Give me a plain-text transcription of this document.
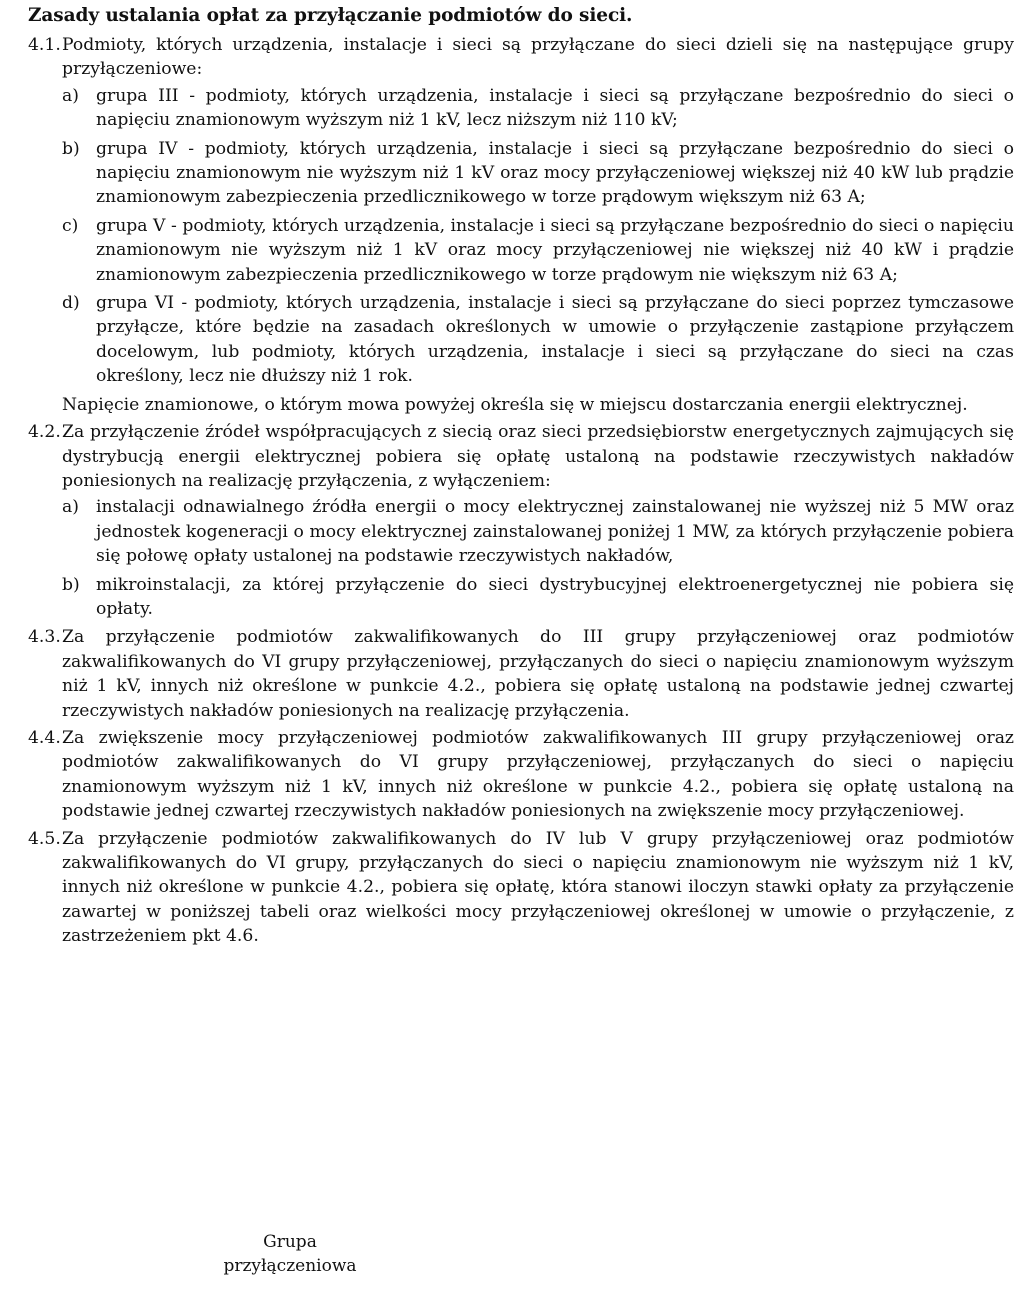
Zasady ustalania opłat za przyłączanie podmiotów do sieci.
4.1. Podmioty, których urządzenia, instalacje i sieci są przyłączane do sieci dzieli się na następujące grupy przyłączeniowe:

a) grupa III - podmioty, których urządzenia, instalacje i sieci są przyłączane bezpośrednio do sieci o napięciu znamionowym wyższym niż 1 kV, lecz niższym niż 110 kV;
b) grupa IV - podmioty, których urządzenia, instalacje i sieci są przyłączane bezpośrednio do sieci o napięciu znamionowym nie wyższym niż 1 kV oraz mocy przyłączeniowej większej niż 40 kW lub prądzie znamionowym zabezpieczenia przedlicznikowego w torze prądowym większym niż 63 A;
c)	grupa V - podmioty, których urządzenia, instalacje i sieci są przyłączane bezpośrednio do sieci o napięciu znamionowym nie wyższym niż 1 kV oraz mocy przyłączeniowej nie większej niż 40 kW i prądzie znamionowym zabezpieczenia przedlicznikowego w torze prądowym nie większym niż 63 A;
d) grupa VI - podmioty, których urządzenia, instalacje i sieci są przyłączane do sieci poprzez tymczasowe przyłącze, które będzie na zasadach określonych w umowie o przyłączenie zastąpione przyłączem docelowym, lub podmioty, których urządzenia, instalacje i sieci są przyłączane do sieci na czas określony, lecz nie dłuższy niż 1 rok.

Napięcie znamionowe, o którym mowa powyżej określa się w miejscu dostarczania energii elektrycznej.

4.2. Za przyłączenie źródeł współpracujących z siecią oraz sieci przedsiębiorstw energetycznych zajmujących się dystrybucją energii elektrycznej pobiera się opłatę ustaloną na podstawie rzeczywistych nakładów poniesionych na realizację przyłączenia, z wyłączeniem:

a) instalacji odnawialnego źródła energii o mocy elektrycznej zainstalowanej nie wyższej niż 5 MW oraz jednostek kogeneracji o mocy elektrycznej zainstalowanej poniżej 1 MW, za których przyłączenie pobiera się połowę opłaty ustalonej na podstawie rzeczywistych nakładów,
b) mikroinstalacji, za której przyłączenie do sieci dystrybucyjnej elektroenergetycznej nie pobiera się opłaty.
4.3. Za przyłączenie podmiotów zakwalifikowanych do III grupy przyłączeniowej oraz podmiotów zakwalifikowanych do VI grupy przyłączeniowej, przyłączanych do sieci o napięciu znamionowym wyższym niż 1 kV, innych niż określone w punkcie 4.2., pobiera się opłatę ustaloną na podstawie jednej czwartej rzeczywistych nakładów poniesionych na realizację przyłączenia.

4.4. Za zwiększenie mocy przyłączeniowej podmiotów zakwalifikowanych III grupy przyłączeniowej oraz podmiotów zakwalifikowanych do VI grupy przyłączeniowej, przyłączanych do sieci o napięciu znamionowym wyższym niż 1 kV, innych niż określone w punkcie 4.2., pobiera się opłatę ustaloną na podstawie jednej czwartej rzeczywistych nakładów poniesionych na zwiększenie mocy przyłączeniowej.

4.5. Za przyłączenie podmiotów zakwalifikowanych do IV lub V grupy przyłączeniowej oraz podmiotów zakwalifikowanych do VI grupy, przyłączanych do sieci o napięciu znamionowym nie wyższym niż 1 kV, innych niż określone w punkcie 4.2., pobiera się opłatę, która stanowi iloczyn stawki opłaty za przyłączenie zawartej w poniższej tabeli oraz wielkości mocy przyłączeniowej określonej w umowie o przyłączenie, z zastrzeżeniem pkt 4.6.

Grupa
przyłączeniowa
